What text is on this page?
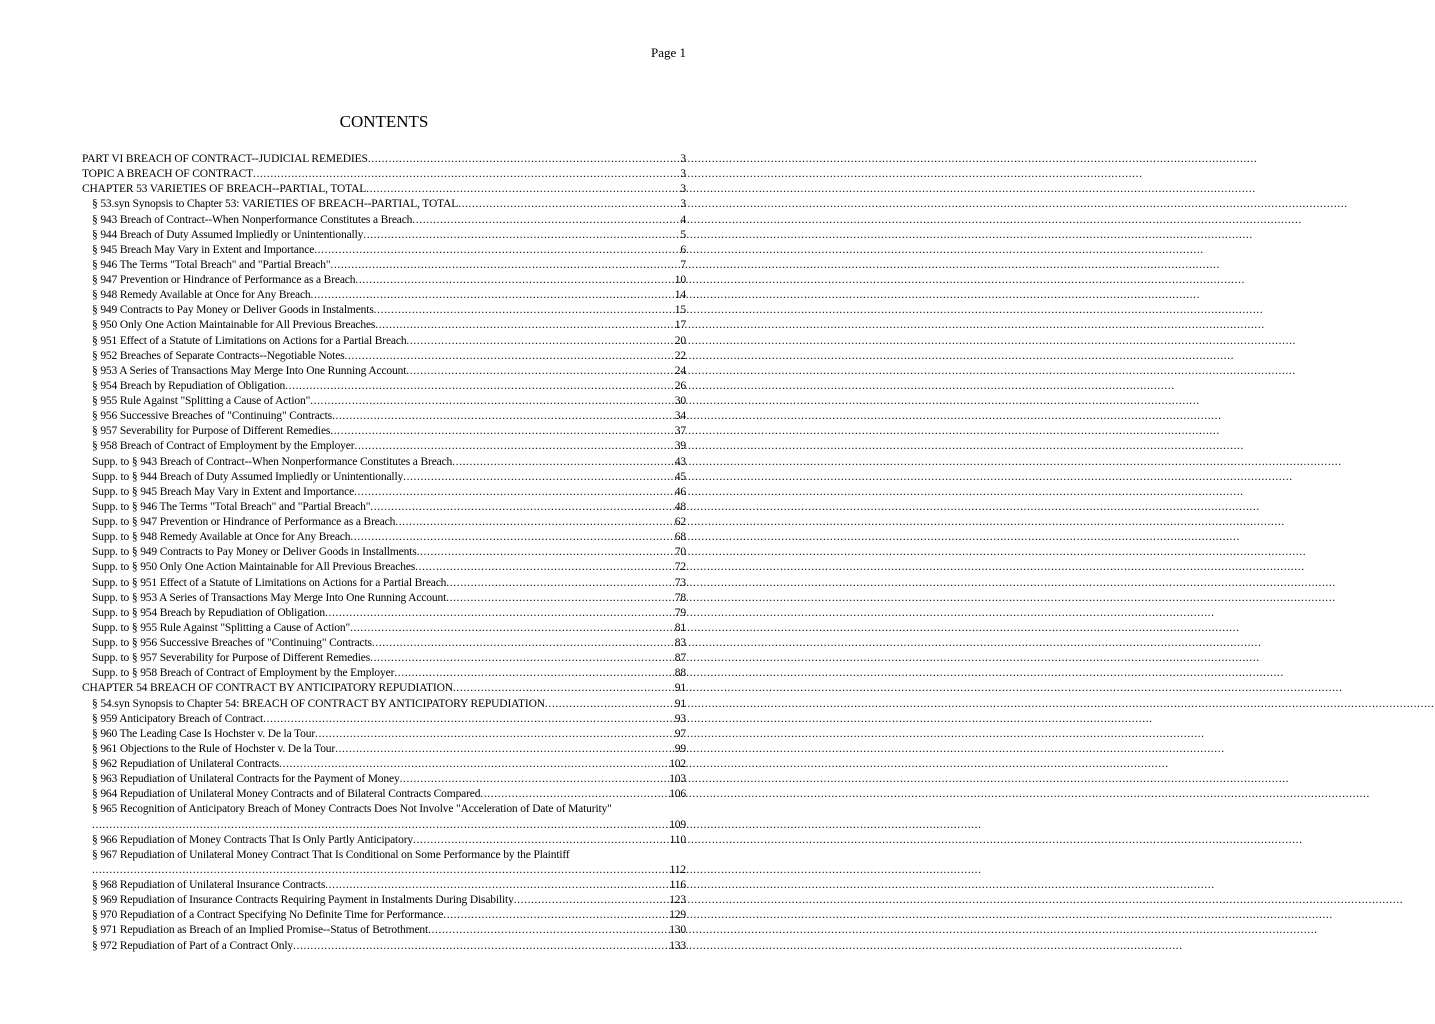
Page 1
CONTENTS
PART VI BREACH OF CONTRACT--JUDICIAL REMEDIES .....	3
TOPIC A BREACH OF CONTRACT .....	3
CHAPTER 53 VARIETIES OF BREACH--PARTIAL, TOTAL .....	3
§ 53.syn Synopsis to Chapter 53: VARIETIES OF BREACH--PARTIAL, TOTAL .....	3
§ 943 Breach of Contract--When Nonperformance Constitutes a Breach .....	4
§ 944 Breach of Duty Assumed Impliedly or Unintentionally .....	5
§ 945 Breach May Vary in Extent and Importance .....	6
§ 946 The Terms "Total Breach" and "Partial Breach" .....	7
§ 947 Prevention or Hindrance of Performance as a Breach .....	10
§ 948 Remedy Available at Once for Any Breach .....	14
§ 949 Contracts to Pay Money or Deliver Goods in Instalments .....	15
§ 950 Only One Action Maintainable for All Previous Breaches .....	17
§ 951 Effect of a Statute of Limitations on Actions for a Partial Breach .....	20
§ 952 Breaches of Separate Contracts--Negotiable Notes .....	22
§ 953 A Series of Transactions May Merge Into One Running Account .....	24
§ 954 Breach by Repudiation of Obligation .....	26
§ 955 Rule Against "Splitting a Cause of Action" .....	30
§ 956 Successive Breaches of "Continuing" Contracts .....	34
§ 957 Severability for Purpose of Different Remedies .....	37
§ 958 Breach of Contract of Employment by the Employer .....	39
Supp. to § 943 Breach of Contract--When Nonperformance Constitutes a Breach .....	43
Supp. to § 944 Breach of Duty Assumed Impliedly or Unintentionally .....	45
Supp. to § 945 Breach May Vary in Extent and Importance .....	46
Supp. to § 946 The Terms "Total Breach" and "Partial Breach" .....	48
Supp. to § 947 Prevention or Hindrance of Performance as a Breach .....	62
Supp. to § 948 Remedy Available at Once for Any Breach .....	68
Supp. to § 949 Contracts to Pay Money or Deliver Goods in Installments .....	70
Supp. to § 950 Only One Action Maintainable for All Previous Breaches .....	72
Supp. to § 951 Effect of a Statute of Limitations on Actions for a Partial Breach .....	73
Supp. to § 953 A Series of Transactions May Merge Into One Running Account .....	78
Supp. to § 954 Breach by Repudiation of Obligation .....	79
Supp. to § 955 Rule Against "Splitting a Cause of Action" .....	81
Supp. to § 956 Successive Breaches of "Continuing" Contracts .....	83
Supp. to § 957 Severability for Purpose of Different Remedies .....	87
Supp. to § 958 Breach of Contract of Employment by the Employer .....	88
CHAPTER 54 BREACH OF CONTRACT BY ANTICIPATORY REPUDIATION .....	91
§ 54.syn Synopsis to Chapter 54: BREACH OF CONTRACT BY ANTICIPATORY REPUDIATION .....	91
§ 959 Anticipatory Breach of Contract .....	93
§ 960 The Leading Case Is Hochster v. De la Tour .....	97
§ 961 Objections to the Rule of Hochster v. De la Tour .....	99
§ 962 Repudiation of Unilateral Contracts .....	102
§ 963 Repudiation of Unilateral Contracts for the Payment of Money .....	103
§ 964 Repudiation of Unilateral Money Contracts and of Bilateral Contracts Compared .....	106
§ 965 Recognition of Anticipatory Breach of Money Contracts Does Not Involve "Acceleration of Date of Maturity"
.....
109
§ 966 Repudiation of Money Contracts That Is Only Partly Anticipatory .....	110
§ 967 Repudiation of Unilateral Money Contract That Is Conditional on Some Performance by the Plaintiff
.....
112
§ 968 Repudiation of Unilateral Insurance Contracts .....	116
§ 969 Repudiation of Insurance Contracts Requiring Payment in Instalments During Disability .....	123
§ 970 Repudiation of a Contract Specifying No Definite Time for Performance .....	129
§ 971 Repudiation as Breach of an Implied Promise--Status of Betrothment .....	130
§ 972 Repudiation of Part of a Contract Only .....	133
